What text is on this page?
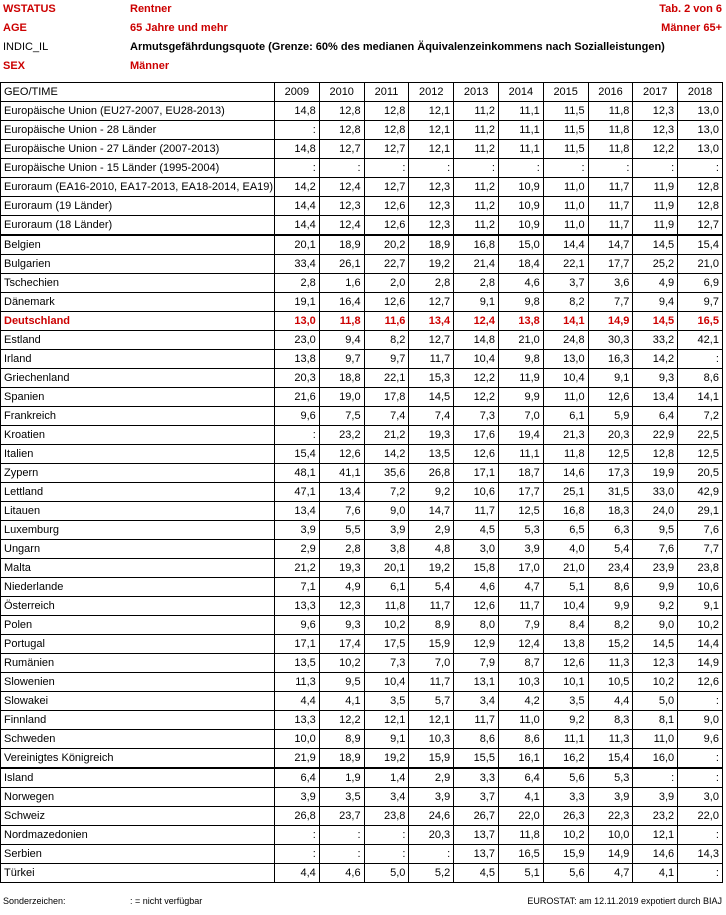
WSTATUS	Rentner	Tab. 2 von 6
AGE	65 Jahre und mehr	Männer 65+
INDIC_IL	Armutsgefährdungsquote (Grenze: 60% des medianen Äquivalenzeinkommens nach Sozialleistungen)
SEX	Männer
GEO/TIME	2009	2010	2011	2012	2013	2014	2015	2016	2017	2018
Europäische Union (EU27-2007, EU28-2013)	14,8	12,8	12,8	12,1	11,2	11,1	11,5	11,8	12,3	13,0
Europäische Union - 28 Länder	:	12,8	12,8	12,1	11,2	11,1	11,5	11,8	12,3	13,0
Europäische Union - 27 Länder (2007-2013)	14,8	12,7	12,7	12,1	11,2	11,1	11,5	11,8	12,2	13,0
Europäische Union - 15 Länder (1995-2004)	:	:	:	:	:	:	:	:	:	:
Euroraum (EA16-2010, EA17-2013, EA18-2014, EA19)	14,2	12,4	12,7	12,3	11,2	10,9	11,0	11,7	11,9	12,8
Euroraum (19 Länder)	14,4	12,3	12,6	12,3	11,2	10,9	11,0	11,7	11,9	12,8
Euroraum (18 Länder)	14,4	12,4	12,6	12,3	11,2	10,9	11,0	11,7	11,9	12,7
Belgien	20,1	18,9	20,2	18,9	16,8	15,0	14,4	14,7	14,5	15,4
Bulgarien	33,4	26,1	22,7	19,2	21,4	18,4	22,1	17,7	25,2	21,0
Tschechien	2,8	1,6	2,0	2,8	2,8	4,6	3,7	3,6	4,9	6,9
Dänemark	19,1	16,4	12,6	12,7	9,1	9,8	8,2	7,7	9,4	9,7
Deutschland	13,0	11,8	11,6	13,4	12,4	13,8	14,1	14,9	14,5	16,5
Estland	23,0	9,4	8,2	12,7	14,8	21,0	24,8	30,3	33,2	42,1
Irland	13,8	9,7	9,7	11,7	10,4	9,8	13,0	16,3	14,2	:
Griechenland	20,3	18,8	22,1	15,3	12,2	11,9	10,4	9,1	9,3	8,6
Spanien	21,6	19,0	17,8	14,5	12,2	9,9	11,0	12,6	13,4	14,1
Frankreich	9,6	7,5	7,4	7,4	7,3	7,0	6,1	5,9	6,4	7,2
Kroatien	:	23,2	21,2	19,3	17,6	19,4	21,3	20,3	22,9	22,5
Italien	15,4	12,6	14,2	13,5	12,6	11,1	11,8	12,5	12,8	12,5
Zypern	48,1	41,1	35,6	26,8	17,1	18,7	14,6	17,3	19,9	20,5
Lettland	47,1	13,4	7,2	9,2	10,6	17,7	25,1	31,5	33,0	42,9
Litauen	13,4	7,6	9,0	14,7	11,7	12,5	16,8	18,3	24,0	29,1
Luxemburg	3,9	5,5	3,9	2,9	4,5	5,3	6,5	6,3	9,5	7,6
Ungarn	2,9	2,8	3,8	4,8	3,0	3,9	4,0	5,4	7,6	7,7
Malta	21,2	19,3	20,1	19,2	15,8	17,0	21,0	23,4	23,9	23,8
Niederlande	7,1	4,9	6,1	5,4	4,6	4,7	5,1	8,6	9,9	10,6
Österreich	13,3	12,3	11,8	11,7	12,6	11,7	10,4	9,9	9,2	9,1
Polen	9,6	9,3	10,2	8,9	8,0	7,9	8,4	8,2	9,0	10,2
Portugal	17,1	17,4	17,5	15,9	12,9	12,4	13,8	15,2	14,5	14,4
Rumänien	13,5	10,2	7,3	7,0	7,9	8,7	12,6	11,3	12,3	14,9
Slowenien	11,3	9,5	10,4	11,7	13,1	10,3	10,1	10,5	10,2	12,6
Slowakei	4,4	4,1	3,5	5,7	3,4	4,2	3,5	4,4	5,0	:
Finnland	13,3	12,2	12,1	12,1	11,7	11,0	9,2	8,3	8,1	9,0
Schweden	10,0	8,9	9,1	10,3	8,6	8,6	11,1	11,3	11,0	9,6
Vereinigtes Königreich	21,9	18,9	19,2	15,9	15,5	16,1	16,2	15,4	16,0	:
Island	6,4	1,9	1,4	2,9	3,3	6,4	5,6	5,3	:	:
Norwegen	3,9	3,5	3,4	3,9	3,7	4,1	3,3	3,9	3,9	3,0
Schweiz	26,8	23,7	23,8	24,6	26,7	22,0	26,3	22,3	23,2	22,0
Nordmazedonien	:	:	:	20,3	13,7	11,8	10,2	10,0	12,1	:
Serbien	:	:	:	:	13,7	16,5	15,9	14,9	14,6	14,3
Türkei	4,4	4,6	5,0	5,2	4,5	5,1	5,6	4,7	4,1	:
Sonderzeichen:	: = nicht verfügbar	EUROSTAT: am 12.11.2019 expotiert durch BIAJ
